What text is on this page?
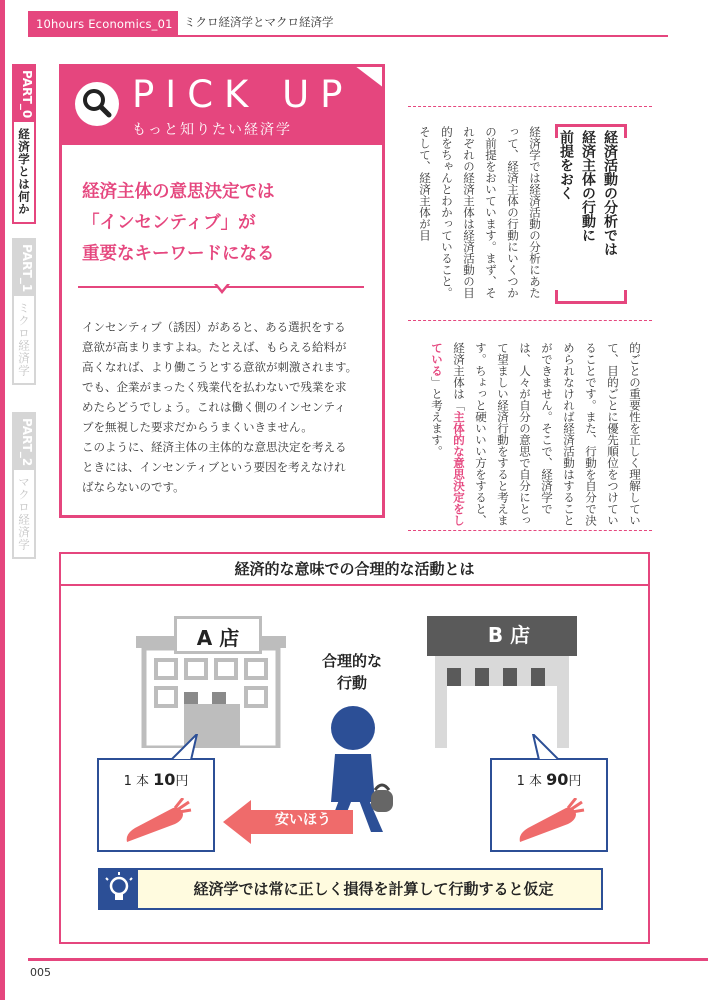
10hours Economics_01 ミクロ経済学とマクロ経済学
PART_0
経済学とは何か
PART_1
ミクロ経済学
PART_2
マクロ経済学
PICK UP
もっと知りたい経済学
経済主体の意思決定では
「インセンティブ」が
重要なキーワードになる
インセンティブ（誘因）があると、ある選択をする
意欲が高まりますよね。たとえば、もらえる給料が
高くなれば、より働こうとする意欲が刺激されます。
でも、企業がまったく残業代を払わないで残業を求
めたらどうでしょう。これは働く側のインセンティ
ブを無視した要求だからうまくいきません。
このように、経済主体の主体的な意思決定を考える
ときには、インセンティブという要因を考えなけれ
ばならないのです。
経済活動の分析では
経済主体の行動に
前提をおく
経済学では経済活動の分析にあたって、経済主体の行動にいくつかの前提をおいています。まず、それぞれの経済主体は経済活動の目的をちゃんとわかっていること。そして、経済主体が目
的ごとの重要性を正しく理解していて、目的ごとに優先順位をつけていることです。また、行動を自分で決められなければ経済活動はすることができません。そこで、経済学では、人々が自分の意思で自分にとって望ましい経済行動をすると考えます。ちょっと硬いいい方をすると、経済主体は「主体的な意思決定をしている」と考えます。
経済的な意味での合理的な活動とは
A 店	B 店
合理的な
行動
1 本 10円	1 本 90円
安いほう
経済学では常に正しく損得を計算して行動すると仮定
005
